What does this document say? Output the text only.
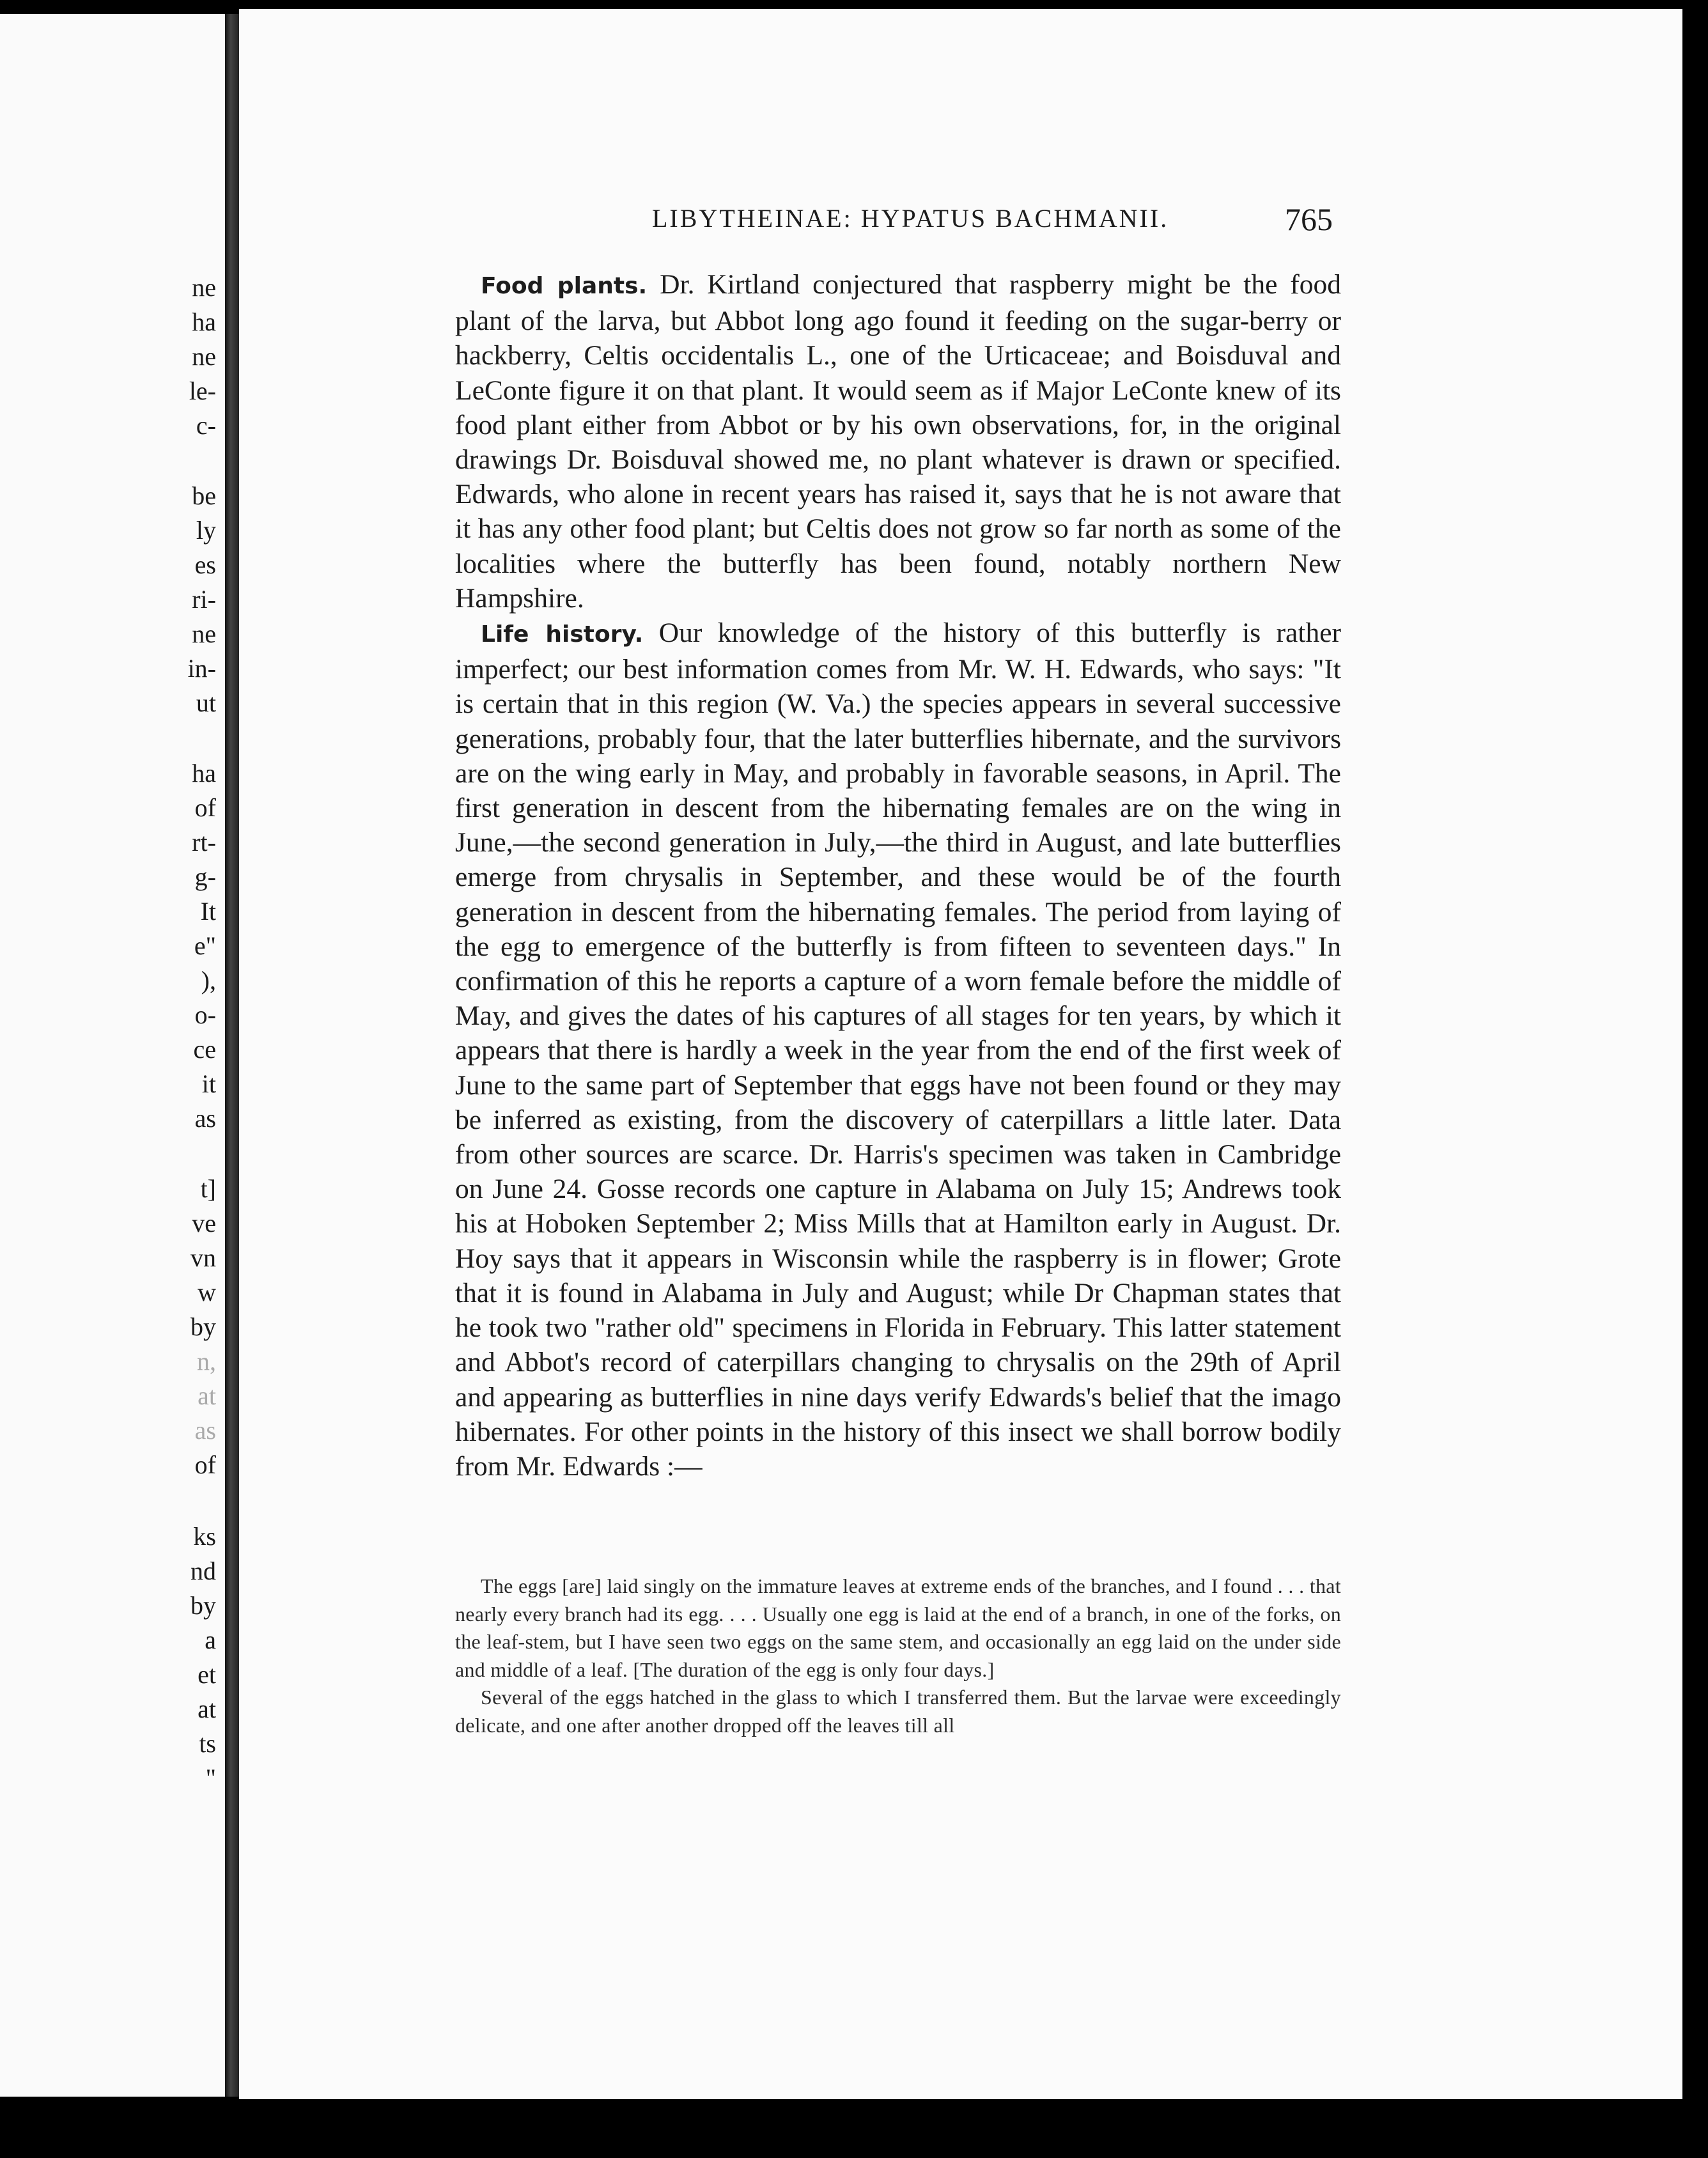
ne
ha
ne
le-
c-
be
ly
es
ri-
ne
in-
ut
ha
of
rt-
g-
It
e"
),
o-
ce
it
as
t]
ve
vn
w
by
n,
at
as
of
ks
nd
by
a
et
at
ts
"
LIBYTHEINAE: HYPATUS BACHMANII.	765

Food plants. Dr. Kirtland conjectured that raspberry might be the food plant of the larva, but Abbot long ago found it feeding on the sugar-berry or hackberry, Celtis occidentalis L., one of the Urticaceae; and Boisduval and LeConte figure it on that plant. It would seem as if Major LeConte knew of its food plant either from Abbot or by his own observations, for, in the original drawings Dr. Boisduval showed me, no plant whatever is drawn or specified. Edwards, who alone in recent years has raised it, says that he is not aware that it has any other food plant; but Celtis does not grow so far north as some of the localities where the butterfly has been found, notably northern New Hampshire.

Life history. Our knowledge of the history of this butterfly is rather imperfect; our best information comes from Mr. W. H. Edwards, who says: "It is certain that in this region (W. Va.) the species appears in several successive generations, probably four, that the later butterflies hibernate, and the survivors are on the wing early in May, and probably in favorable seasons, in April. The first generation in descent from the hibernating females are on the wing in June,—the second generation in July,—the third in August, and late butterflies emerge from chrysalis in September, and these would be of the fourth generation in descent from the hibernating females. The period from laying of the egg to emergence of the butterfly is from fifteen to seventeen days." In confirmation of this he reports a capture of a worn female before the middle of May, and gives the dates of his captures of all stages for ten years, by which it appears that there is hardly a week in the year from the end of the first week of June to the same part of September that eggs have not been found or they may be inferred as existing, from the discovery of caterpillars a little later. Data from other sources are scarce. Dr. Harris's specimen was taken in Cambridge on June 24. Gosse records one capture in Alabama on July 15; Andrews took his at Hoboken September 2; Miss Mills that at Hamilton early in August. Dr. Hoy says that it appears in Wisconsin while the raspberry is in flower; Grote that it is found in Alabama in July and August; while Dr Chapman states that he took two "rather old" specimens in Florida in February. This latter statement and Abbot's record of caterpillars changing to chrysalis on the 29th of April and appearing as butterflies in nine days verify Edwards's belief that the imago hibernates. For other points in the history of this insect we shall borrow bodily from Mr. Edwards :—

The eggs [are] laid singly on the immature leaves at extreme ends of the branches, and I found . . . that nearly every branch had its egg. . . . Usually one egg is laid at the end of a branch, in one of the forks, on the leaf-stem, but I have seen two eggs on the same stem, and occasionally an egg laid on the under side and middle of a leaf. [The duration of the egg is only four days.]

Several of the eggs hatched in the glass to which I transferred them. But the larvae were exceedingly delicate, and one after another dropped off the leaves till all
